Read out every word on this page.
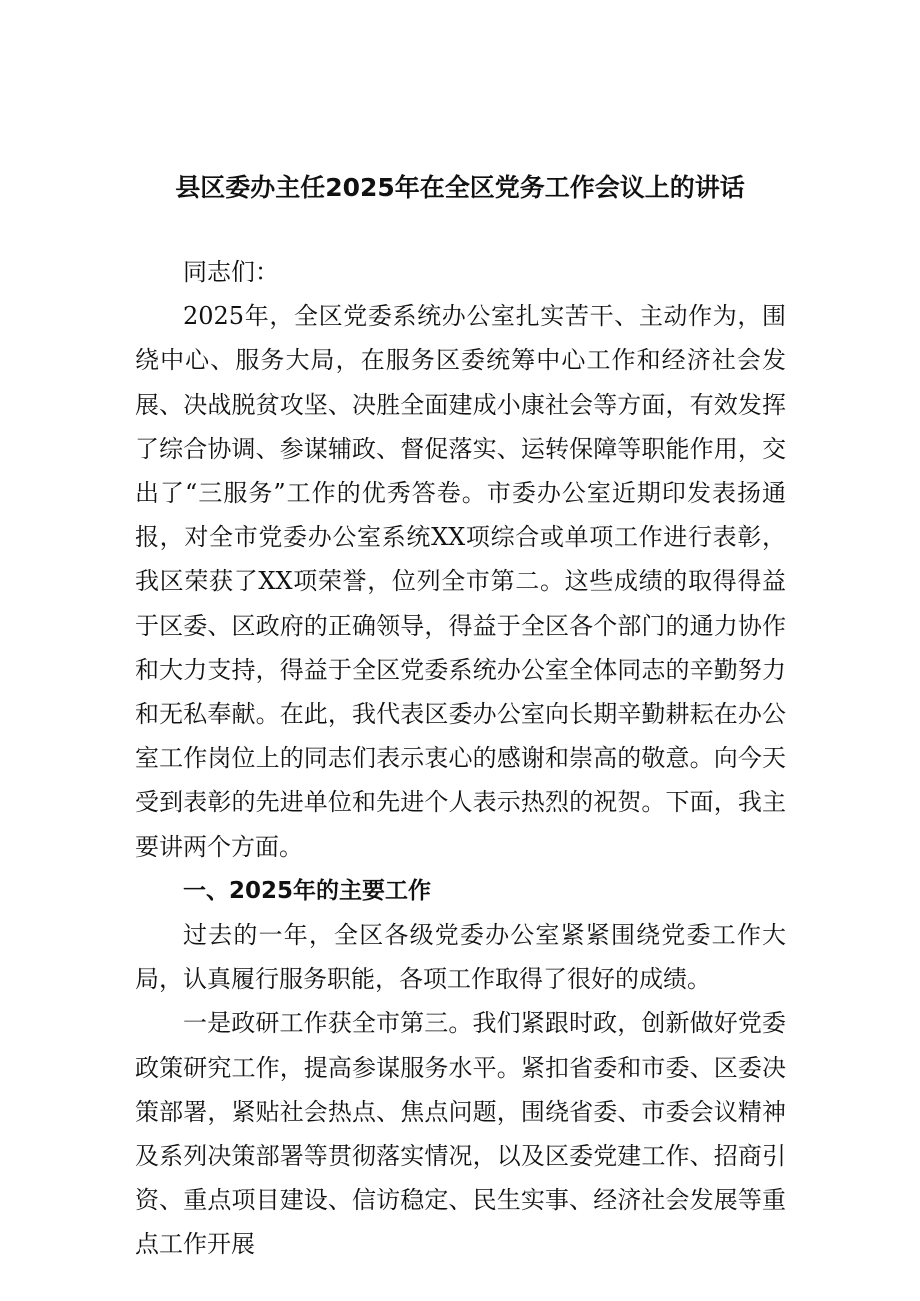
县区委办主任2025年在全区党务工作会议上的讲话

同志们：

2025年，全区党委系统办公室扎实苦干、主动作为，围绕中心、服务大局，在服务区委统筹中心工作和经济社会发展、决战脱贫攻坚、决胜全面建成小康社会等方面，有效发挥了综合协调、参谋辅政、督促落实、运转保障等职能作用，交出了“三服务”工作的优秀答卷。市委办公室近期印发表扬通报，对全市党委办公室系统XX项综合或单项工作进行表彰，我区荣获了XX项荣誉，位列全市第二。这些成绩的取得得益于区委、区政府的正确领导，得益于全区各个部门的通力协作和大力支持，得益于全区党委系统办公室全体同志的辛勤努力和无私奉献。在此，我代表区委办公室向长期辛勤耕耘在办公室工作岗位上的同志们表示衷心的感谢和崇高的敬意。向今天受到表彰的先进单位和先进个人表示热烈的祝贺。下面，我主要讲两个方面。

一、2025年的主要工作

过去的一年，全区各级党委办公室紧紧围绕党委工作大局，认真履行服务职能，各项工作取得了很好的成绩。

一是政研工作获全市第三。我们紧跟时政，创新做好党委政策研究工作，提高参谋服务水平。紧扣省委和市委、区委决策部署，紧贴社会热点、焦点问题，围绕省委、市委会议精神及系列决策部署等贯彻落实情况，以及区委党建工作、招商引资、重点项目建设、信访稳定、民生实事、经济社会发展等重点工作开展
